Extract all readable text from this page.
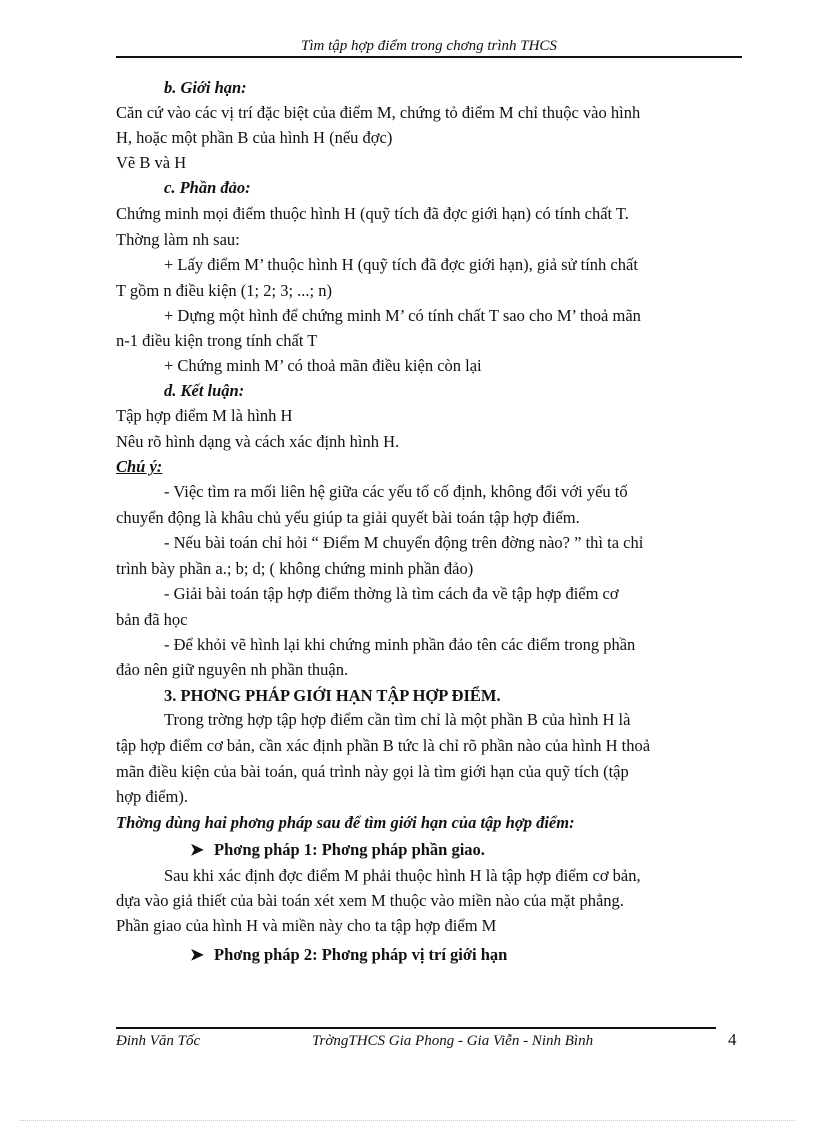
Tìm tập hợp điểm trong chơng trình THCS
b. Giới hạn:
Căn cứ vào các vị trí đặc biệt của điểm M, chứng tỏ điểm M chỉ thuộc vào hình
H, hoặc một phần B của hình H (nếu đợc)
Vẽ B và H
c. Phần đảo:
Chứng minh mọi điểm thuộc hình H (quỹ tích đã đợc giới hạn) có tính chất T.
Thờng làm nh sau:
+ Lấy điểm M’ thuộc hình H (quỹ tích đã đợc giới hạn), giả sử tính chất
T gồm n điều kiện (1; 2; 3; ...; n)
+ Dựng một hình để chứng minh M’ có tính chất T sao cho M’ thoả mãn
n-1 điều kiện trong tính chất T
+ Chứng minh M’ có thoả mãn điều kiện còn lại
d. Kết luận:
Tập hợp điểm M là hình H
Nêu rõ hình dạng và cách xác định hình H.
Chú ý:
- Việc tìm ra mối liên hệ giữa các yếu tố cố định, không đổi với yếu tố
chuyển động là khâu chủ yếu giúp ta giải quyết bài toán tập hợp điểm.
- Nếu bài toán chỉ hỏi “ Điểm M chuyển động trên đờng nào? ” thì ta chỉ
trình bày phần a.; b; d; ( không chứng minh phần đảo)
- Giải bài toán tập hợp điểm thờng là tìm cách đa về tập hợp điểm cơ
bản đã học
- Để khỏi vẽ hình lại khi chứng minh phần đảo tên các điểm trong phần
đảo nên giữ nguyên nh phần thuận.
3. PHƠNG PHÁP GIỚI HẠN TẬP HỢP ĐIỂM.
Trong trờng hợp tập hợp điểm cần tìm chỉ là một phần B của hình H là
tập hợp điểm cơ bản, cần xác định phần B tức là chỉ rõ phần nào của hình H thoả
mãn điều kiện của bài toán, quá trình này gọi là tìm giới hạn của quỹ tích (tập
hợp điểm).
Thờng dùng hai phơng pháp sau để tìm giới hạn của tập hợp điểm:
➤ Phơng pháp 1: Phơng pháp phần giao.
Sau khi xác định đợc điểm M phải thuộc hình H là tập hợp điểm cơ bản,
dựa vào giả thiết của bài toán xét xem M thuộc vào miền nào của mặt phẳng.
Phần giao của hình H và miền này cho ta tập hợp điểm M
➤ Phơng pháp 2: Phơng pháp vị trí giới hạn
Đinh Văn Tốc	TrờngTHCS Gia Phong - Gia Viễn - Ninh Bình	4
